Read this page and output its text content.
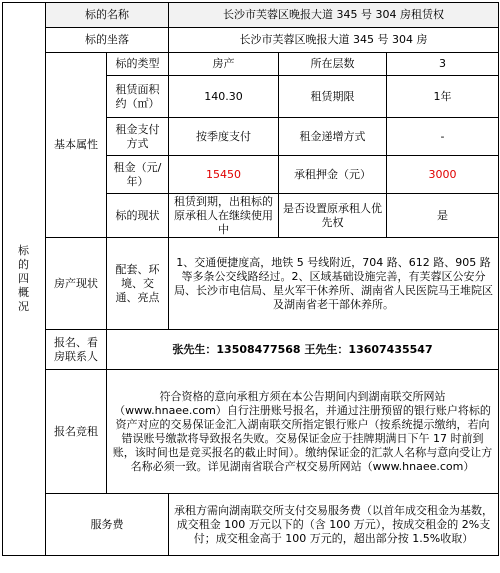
标的四概况	标的名称		长沙市芙蓉区晚报大道 345 号 304 房租赁权		
	标的坐落		长沙市芙蓉区晚报大道 345 号 304 房		
	基本属性	标的类型	房产	所在层数	3
		租赁面积约（㎡）	140.30	租赁期限	1年
		租金支付方式	按季度支付	租金递增方式	-
		租金（元/年）	15450	承租押金（元）	3000
		标的现状	租赁到期，出租标的原承租人在继续使用中	是否设置原承租人优先权	是
	房产现状	配套、环境、交通、亮点	1、交通便捷度高，地铁 5 号线附近，704 路、612 路、905 路等多条公交线路经过。2、区域基础设施完善，有芙蓉区公安分局、长沙市电信局、星火军干休养所、湖南省人民医院马王堆院区及湖南省老干部休养所。		
	报名、看房联系人	张先生：13508477568 王先生：13607435547			
	报名竞租	符合资格的意向承租方须在本公告期间内到湖南联交所网站（www.hnaee.com）自行注册账号报名，并通过注册预留的银行账户将标的资产对应的交易保证金汇入湖南联交所指定银行账户（按系统提示缴纳，若向错误账号缴款将导致报名失败。交易保证金应于挂牌期满日下午 17 时前到账，该时间也是竞买报名的截止时间）。缴纳保证金的汇款人名称与意向受让方名称必须一致。详见湖南省联合产权交易所网站（www.hnaee.com）			
	服务费		承租方需向湖南联交所支付交易服务费（以首年成交租金为基数，成交租金 100 万元以下的（含 100 万元），按成交租金的 2%支付；成交租金高于 100 万元的，超出部分按 1.5%收取）		
